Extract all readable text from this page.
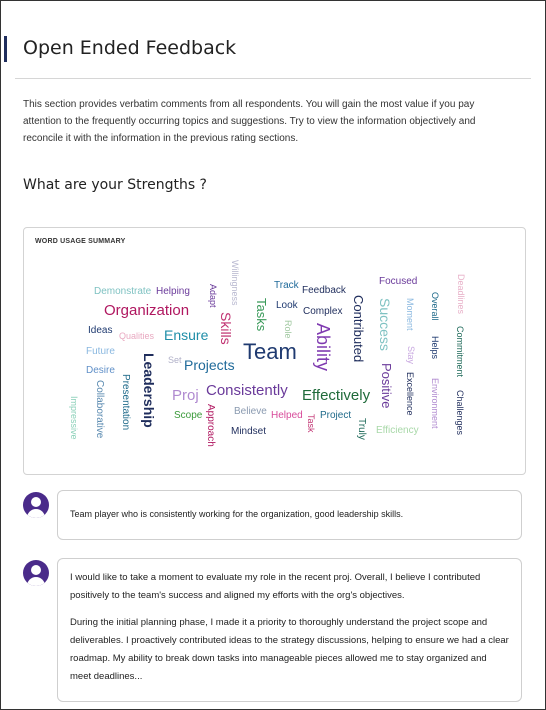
Open Ended Feedback
This section provides verbatim comments from all respondents. You will gain the most value if you pay attention to the frequently occurring topics and suggestions. Try to view the information objectively and reconcile it with the information in the previous rating sections.
What are your Strengths ?
WORD USAGE SUMMARY
Demonstrate Helping
Organization
Ideas Qualities Ensure
Future
Set Projects
Desire
Impressive Collaborative Presentation Leadership Proj Consistently
Scope Approach Believe
Mindset
Helped Task
Willingness
Adapt
Skills
Track
Look
Role
Tasks
Feedback
Complex
Team Ability
Project
Contributed
Truly
Effectively
Focused
Success
Positive
Moment
Stay
Excellence
Overall
Helps
Efficiency
Environment
Deadlines
Commitment
Challenges

Team player who is consistently working for the organization, good leadership skills.

I would like to take a moment to evaluate my role in the recent proj. Overall, I believe I contributed positively to the team's success and aligned my efforts with the org's objectives.

During the initial planning phase, I made it a priority to thoroughly understand the project scope and deliverables. I proactively contributed ideas to the strategy discussions, helping to ensure we had a clear roadmap. My ability to break down tasks into manageable pieces allowed me to stay organized and meet deadlines...
